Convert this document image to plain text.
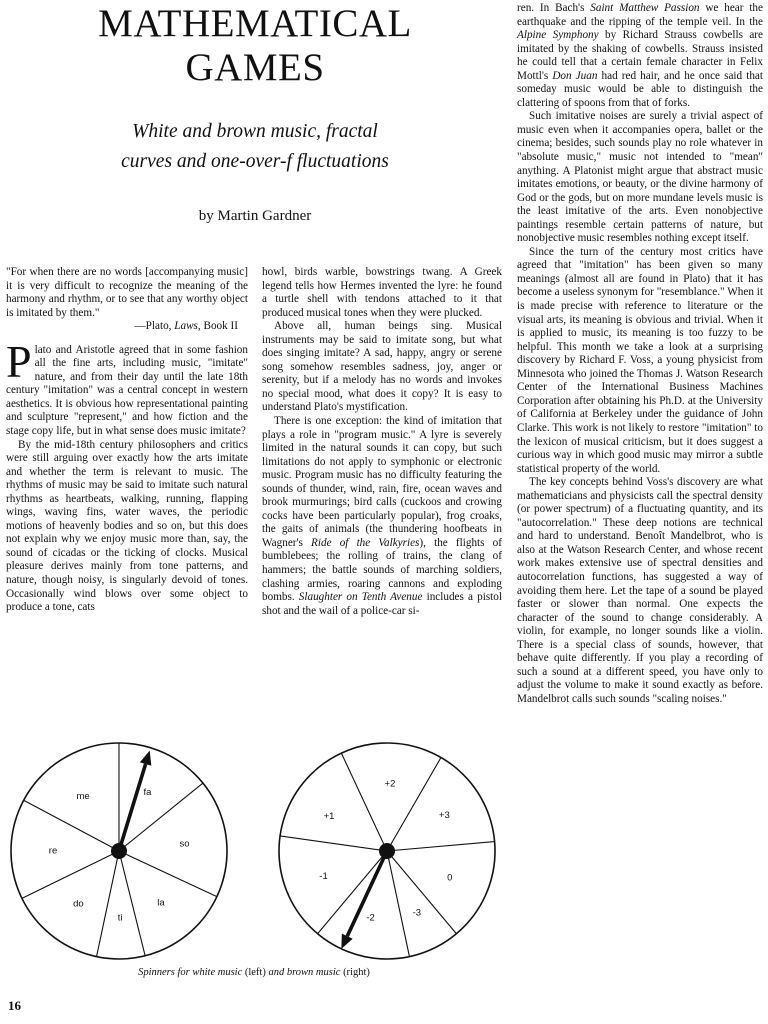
MATHEMATICAL
GAMES
White and brown music, fractal
curves and one-over-f fluctuations
by Martin Gardner

"For when there are no words [accompanying music] it is very difficult to recognize the meaning of the harmony and rhythm, or to see that any worthy object is imitated by them."

—Plato, Laws, Book II

Plato and Aristotle agreed that in some fashion all the fine arts, including music, "imitate" nature, and from their day until the late 18th century "imitation" was a central concept in western aesthetics. It is obvious how representational painting and sculpture "represent," and how fiction and the stage copy life, but in what sense does music imitate?

By the mid-18th century philosophers and critics were still arguing over exactly how the arts imitate and whether the term is relevant to music. The rhythms of music may be said to imitate such natural rhythms as heartbeats, walking, running, flapping wings, waving fins, water waves, the periodic motions of heavenly bodies and so on, but this does not explain why we enjoy music more than, say, the sound of cicadas or the ticking of clocks. Musical pleasure derives mainly from tone patterns, and nature, though noisy, is singularly devoid of tones. Occasionally wind blows over some object to produce a tone, cats

howl, birds warble, bowstrings twang. A Greek legend tells how Hermes invented the lyre: he found a turtle shell with tendons attached to it that produced musical tones when they were plucked.

Above all, human beings sing. Musical instruments may be said to imitate song, but what does singing imitate? A sad, happy, angry or serene song somehow resembles sadness, joy, anger or serenity, but if a melody has no words and invokes no special mood, what does it copy? It is easy to understand Plato's mystification.

There is one exception: the kind of imitation that plays a role in "program music." A lyre is severely limited in the natural sounds it can copy, but such limitations do not apply to symphonic or electronic music. Program music has no difficulty featuring the sounds of thunder, wind, rain, fire, ocean waves and brook murmurings; bird calls (cuckoos and crowing cocks have been particularly popular), frog croaks, the gaits of animals (the thundering hoofbeats in Wagner's Ride of the Valkyries), the flights of bumblebees; the rolling of trains, the clang of hammers; the battle sounds of marching soldiers, clashing armies, roaring cannons and exploding bombs. Slaughter on Tenth Avenue includes a pistol shot and the wail of a police-car si-

ren. In Bach's Saint Matthew Passion we hear the earthquake and the ripping of the temple veil. In the Alpine Symphony by Richard Strauss cowbells are imitated by the shaking of cowbells. Strauss insisted he could tell that a certain female character in Felix Mottl's Don Juan had red hair, and he once said that someday music would be able to distinguish the clattering of spoons from that of forks.

Such imitative noises are surely a trivial aspect of music even when it accompanies opera, ballet or the cinema; besides, such sounds play no role whatever in "absolute music," music not intended to "mean" anything. A Platonist might argue that abstract music imitates emotions, or beauty, or the divine harmony of God or the gods, but on more mundane levels music is the least imitative of the arts. Even nonobjective paintings resemble certain patterns of nature, but nonobjective music resembles nothing except itself.

Since the turn of the century most critics have agreed that "imitation" has been given so many meanings (almost all are found in Plato) that it has become a useless synonym for "resemblance." When it is made precise with reference to literature or the visual arts, its meaning is obvious and trivial. When it is applied to music, its meaning is too fuzzy to be helpful. This month we take a look at a surprising discovery by Richard F. Voss, a young physicist from Minnesota who joined the Thomas J. Watson Research Center of the International Business Machines Corporation after obtaining his Ph.D. at the University of California at Berkeley under the guidance of John Clarke. This work is not likely to restore "imitation" to the lexicon of musical criticism, but it does suggest a curious way in which good music may mirror a subtle statistical property of the world.

The key concepts behind Voss's discovery are what mathematicians and physicists call the spectral density (or power spectrum) of a fluctuating quantity, and its "autocorrelation." These deep notions are technical and hard to understand. Benoît Mandelbrot, who is also at the Watson Research Center, and whose recent work makes extensive use of spectral densities and autocorrelation functions, has suggested a way of avoiding them here. Let the tape of a sound be played faster or slower than normal. One expects the character of the sound to change considerably. A violin, for example, no longer sounds like a violin. There is a special class of sounds, however, that behave quite differently. If you play a recording of such a sound at a different speed, you have only to adjust the volume to make it sound exactly as before. Mandelbrot calls such sounds "scaling noises."

fa
so
la
ti
do
re
me
+2
+3
0
-3
-2
-1
+1
Spinners for white music (left) and brown music (right)
16
